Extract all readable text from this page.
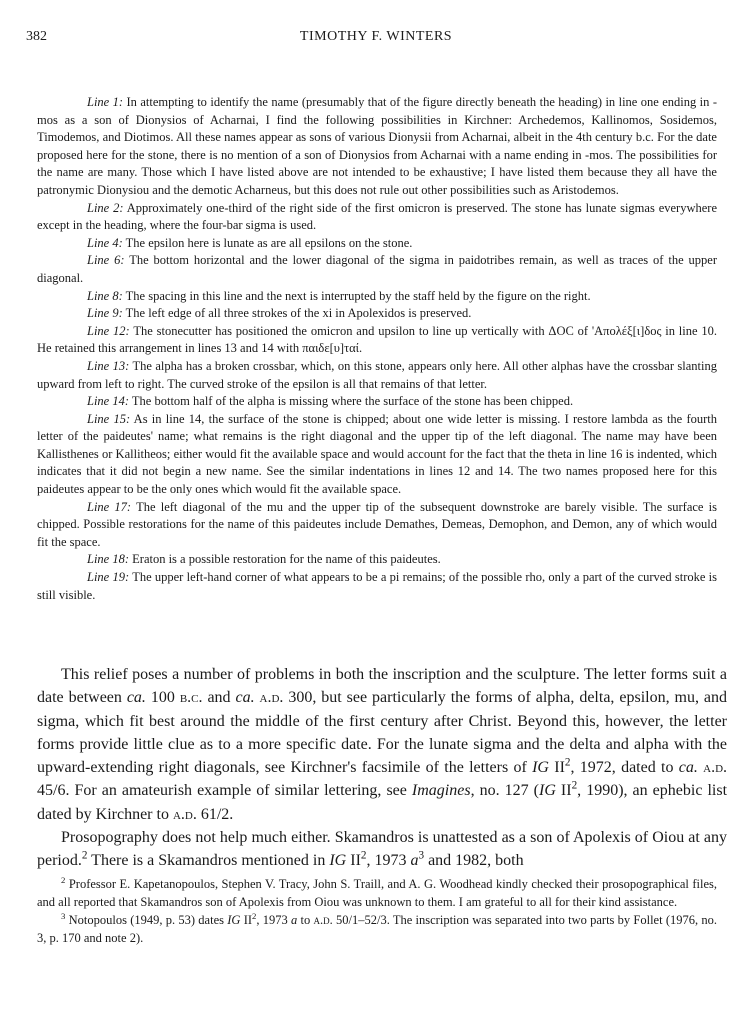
382	TIMOTHY F. WINTERS

Line 1: In attempting to identify the name (presumably that of the figure directly beneath the heading) in line one ending in -mos as a son of Dionysios of Acharnai, I find the following possibilities in Kirchner: Archedemos, Kallinomos, Sosidemos, Timodemos, and Diotimos. All these names appear as sons of various Dionysii from Acharnai, albeit in the 4th century b.c. For the date proposed here for the stone, there is no mention of a son of Dionysios from Acharnai with a name ending in -mos. The possibilities for the name are many. Those which I have listed above are not intended to be exhaustive; I have listed them because they all have the patronymic Dionysiou and the demotic Acharneus, but this does not rule out other possibilities such as Aristodemos.

Line 2: Approximately one-third of the right side of the first omicron is preserved. The stone has lunate sigmas everywhere except in the heading, where the four-bar sigma is used.

Line 4: The epsilon here is lunate as are all epsilons on the stone.

Line 6: The bottom horizontal and the lower diagonal of the sigma in paidotribes remain, as well as traces of the upper diagonal.

Line 8: The spacing in this line and the next is interrupted by the staff held by the figure on the right.

Line 9: The left edge of all three strokes of the xi in Apolexidos is preserved.

Line 12: The stonecutter has positioned the omicron and upsilon to line up vertically with ΔOC of 'Απολέξ[ι]δος in line 10. He retained this arrangement in lines 13 and 14 with παιδε[υ]ταί.

Line 13: The alpha has a broken crossbar, which, on this stone, appears only here. All other alphas have the crossbar slanting upward from left to right. The curved stroke of the epsilon is all that remains of that letter.

Line 14: The bottom half of the alpha is missing where the surface of the stone has been chipped.

Line 15: As in line 14, the surface of the stone is chipped; about one wide letter is missing. I restore lambda as the fourth letter of the paideutes' name; what remains is the right diagonal and the upper tip of the left diagonal. The name may have been Kallisthenes or Kallitheos; either would fit the available space and would account for the fact that the theta in line 16 is indented, which indicates that it did not begin a new name. See the similar indentations in lines 12 and 14. The two names proposed here for this paideutes appear to be the only ones which would fit the available space.

Line 17: The left diagonal of the mu and the upper tip of the subsequent downstroke are barely visible. The surface is chipped. Possible restorations for the name of this paideutes include Demathes, Demeas, Demophon, and Demon, any of which would fit the space.

Line 18: Eraton is a possible restoration for the name of this paideutes.

Line 19: The upper left-hand corner of what appears to be a pi remains; of the possible rho, only a part of the curved stroke is still visible.

This relief poses a number of problems in both the inscription and the sculpture. The letter forms suit a date between ca. 100 b.c. and ca. a.d. 300, but see particularly the forms of alpha, delta, epsilon, mu, and sigma, which fit best around the middle of the first century after Christ. Beyond this, however, the letter forms provide little clue as to a more specific date. For the lunate sigma and the delta and alpha with the upward-extending right diagonals, see Kirchner's facsimile of the letters of IG $II^2$, 1972, dated to ca. a.d. 45/6. For an amateurish example of similar lettering, see Imagines, no. 127 (IG $II^2$, 1990), an ephebic list dated by Kirchner to a.d. 61/2.

Prosopography does not help much either. Skamandros is unattested as a son of Apolexis of Oiou at any period.$^2$ There is a Skamandros mentioned in IG $II^2$, 1973 $a^3$ and 1982, both

$^2$ Professor E. Kapetanopoulos, Stephen V. Tracy, John S. Traill, and A. G. Woodhead kindly checked their prosopographical files, and all reported that Skamandros son of Apolexis from Oiou was unknown to them. I am grateful to all for their kind assistance.

$^3$ Notopoulos (1949, p. 53) dates IG $II^2$, 1973 a to a.d. 50/1–52/3. The inscription was separated into two parts by Follet (1976, no. 3, p. 170 and note 2).
